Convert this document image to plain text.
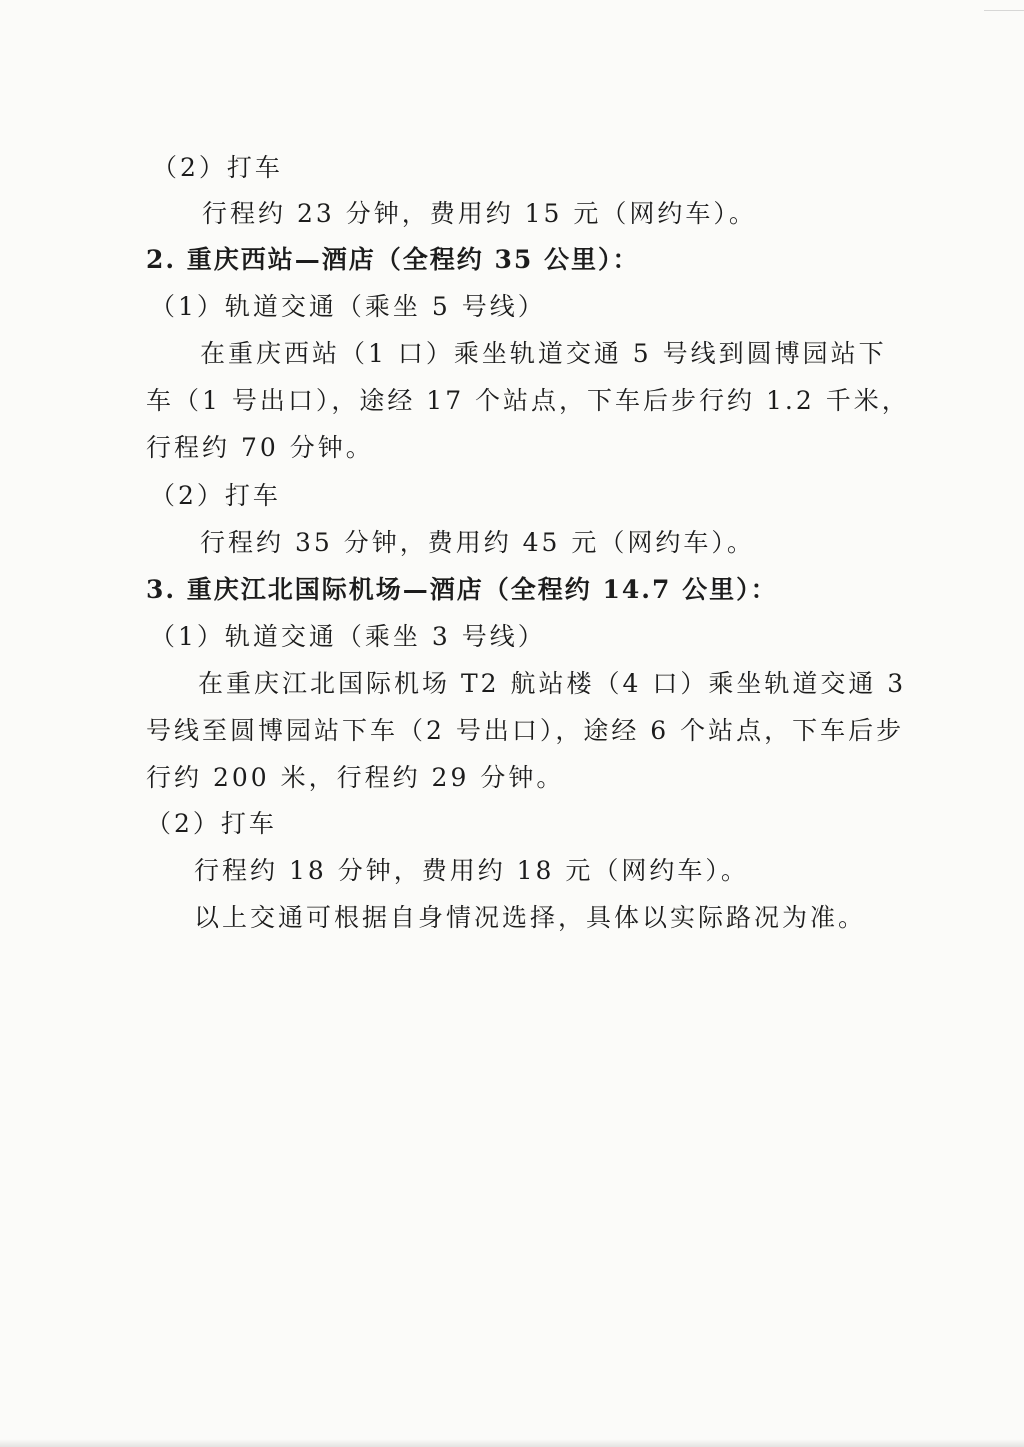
（2）打车
行程约 23 分钟，费用约 15 元（网约车）。
2. 重庆西站—酒店（全程约 35 公里）：
（1）轨道交通（乘坐 5 号线）
在重庆西站（1 口）乘坐轨道交通 5 号线到圆博园站下
车（1 号出口），途经 17 个站点，下车后步行约 1.2 千米，
行程约 70 分钟。
（2）打车
行程约 35 分钟，费用约 45 元（网约车）。
3. 重庆江北国际机场—酒店（全程约 14.7 公里）：
（1）轨道交通（乘坐 3 号线）
在重庆江北国际机场 T2 航站楼（4 口）乘坐轨道交通 3
号线至圆博园站下车（2 号出口），途经 6 个站点，下车后步
行约 200 米，行程约 29 分钟。
（2）打车
行程约 18 分钟，费用约 18 元（网约车）。
以上交通可根据自身情况选择，具体以实际路况为准。
